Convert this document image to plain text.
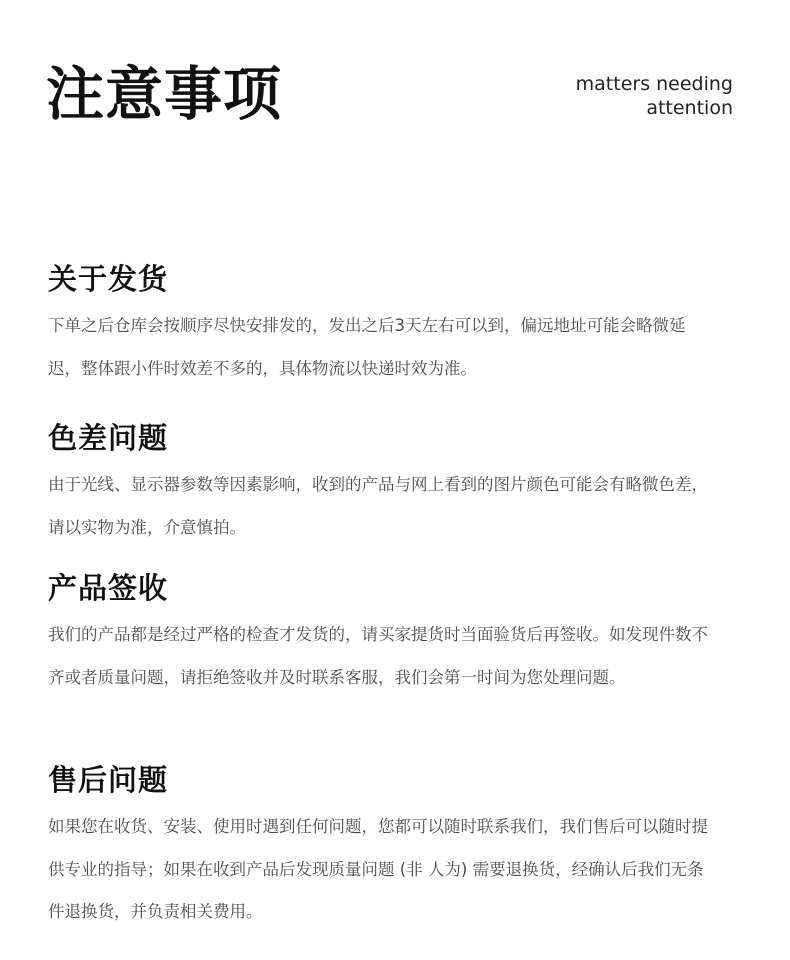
注意事项	matters needing
attention
关于发货

下单之后仓库会按顺序尽快安排发的，发出之后3天左右可以到，偏远地址可能会略微延迟，整体跟小件时效差不多的，具体物流以快递时效为准。

色差问题

由于光线、显示器参数等因素影响，收到的产品与网上看到的图片颜色可能会有略微色差，请以实物为准，介意慎拍。

产品签收

我们的产品都是经过严格的检查才发货的，请买家提货时当面验货后再签收。如发现件数不齐或者质量问题，请拒绝签收并及时联系客服，我们会第一时间为您处理问题。

售后问题

如果您在收货、安装、使用时遇到任何问题，您都可以随时联系我们，我们售后可以随时提供专业的指导；如果在收到产品后发现质量问题 (非 人为) 需要退换货，经确认后我们无条件退换货，并负责相关费用。
